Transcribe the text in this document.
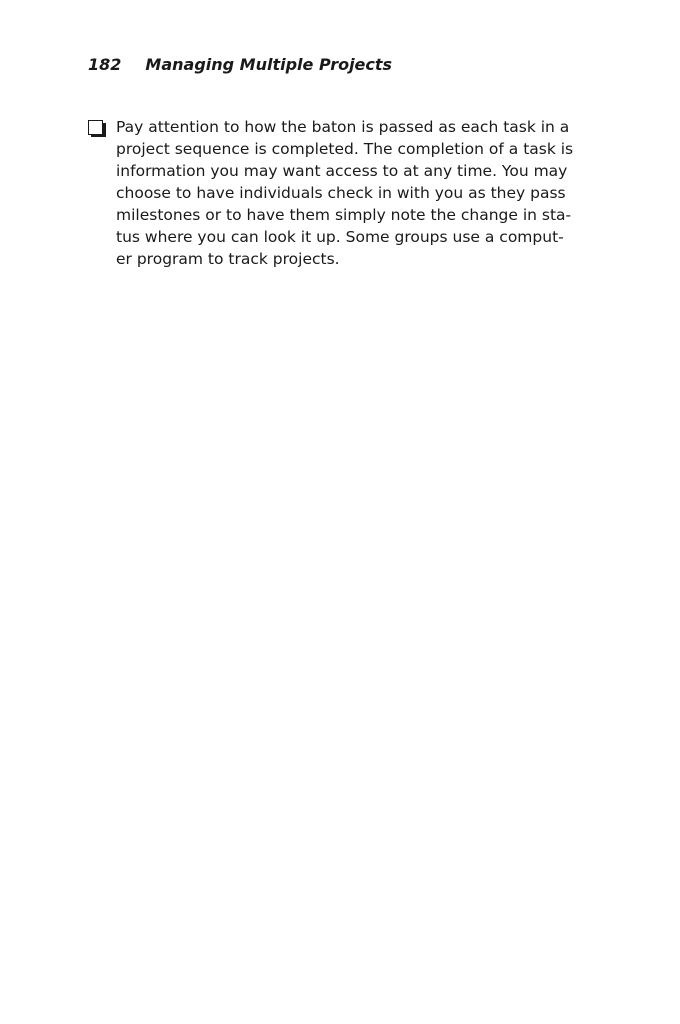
182 Managing Multiple Projects

Pay attention to how the baton is passed as each task in a
project sequence is completed. The completion of a task is
information you may want access to at any time. You may
choose to have individuals check in with you as they pass
milestones or to have them simply note the change in sta-
tus where you can look it up. Some groups use a comput-
er program to track projects.
